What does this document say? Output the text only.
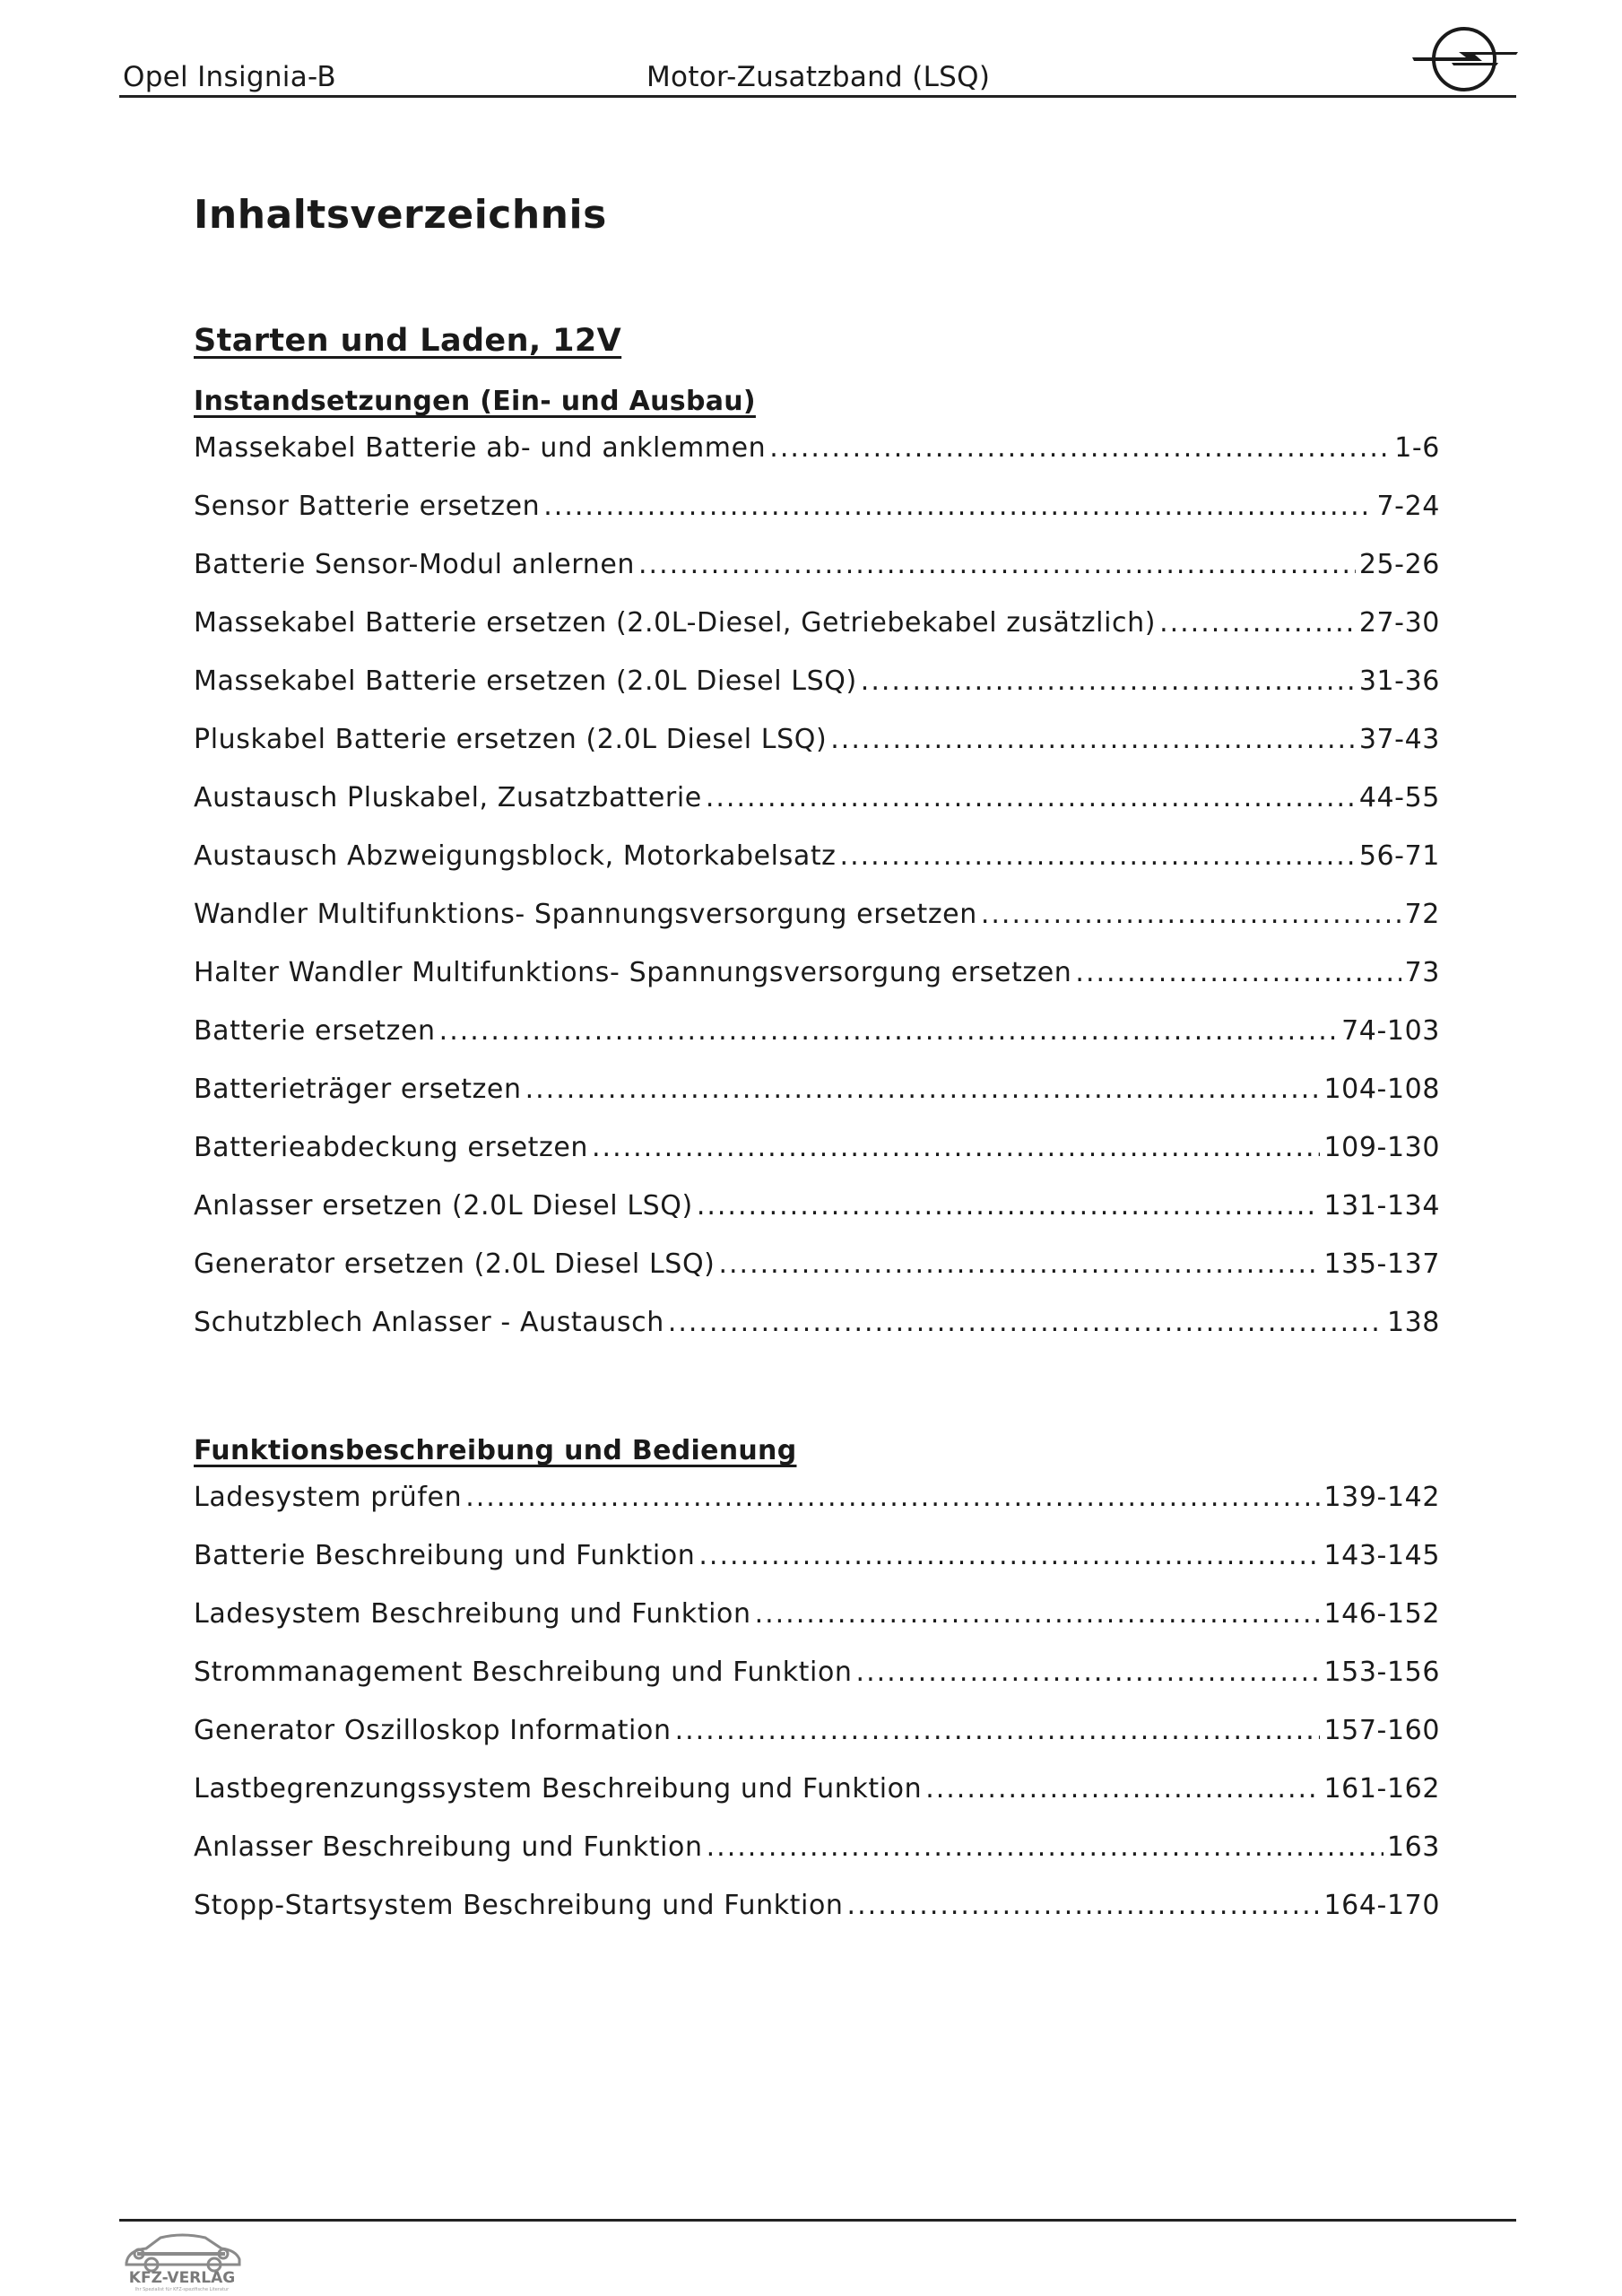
Opel Insignia-B	Motor-Zusatzband (LSQ)
Inhaltsverzeichnis
Starten und Laden, 12V
Instandsetzungen (Ein- und Ausbau)
Massekabel Batterie ab- und anklemmen .....	1-6
Sensor Batterie ersetzen .....	7-24
Batterie Sensor-Modul anlernen .....	25-26
Massekabel Batterie ersetzen (2.0L-Diesel, Getriebekabel zusätzlich) .....	27-30
Massekabel Batterie ersetzen (2.0L Diesel LSQ) .....	31-36
Pluskabel Batterie ersetzen (2.0L Diesel LSQ) .....	37-43
Austausch Pluskabel, Zusatzbatterie .....	44-55
Austausch Abzweigungsblock, Motorkabelsatz .....	56-71
Wandler Multifunktions- Spannungsversorgung ersetzen .....	72
Halter Wandler Multifunktions- Spannungsversorgung ersetzen .....	73
Batterie ersetzen .....	74-103
Batterieträger ersetzen .....	104-108
Batterieabdeckung ersetzen .....	109-130
Anlasser ersetzen (2.0L Diesel LSQ) .....	131-134
Generator ersetzen (2.0L Diesel LSQ) .....	135-137
Schutzblech Anlasser - Austausch .....	138
Funktionsbeschreibung und Bedienung
Ladesystem prüfen .....	139-142
Batterie Beschreibung und Funktion .....	143-145
Ladesystem Beschreibung und Funktion .....	146-152
Strommanagement Beschreibung und Funktion .....	153-156
Generator Oszilloskop Information .....	157-160
Lastbegrenzungssystem Beschreibung und Funktion .....	161-162
Anlasser Beschreibung und Funktion .....	163
Stopp-Startsystem Beschreibung und Funktion .....	164-170
KFZ-VERLAG
Ihr Spezialist für KFZ-spezifische Literatur
